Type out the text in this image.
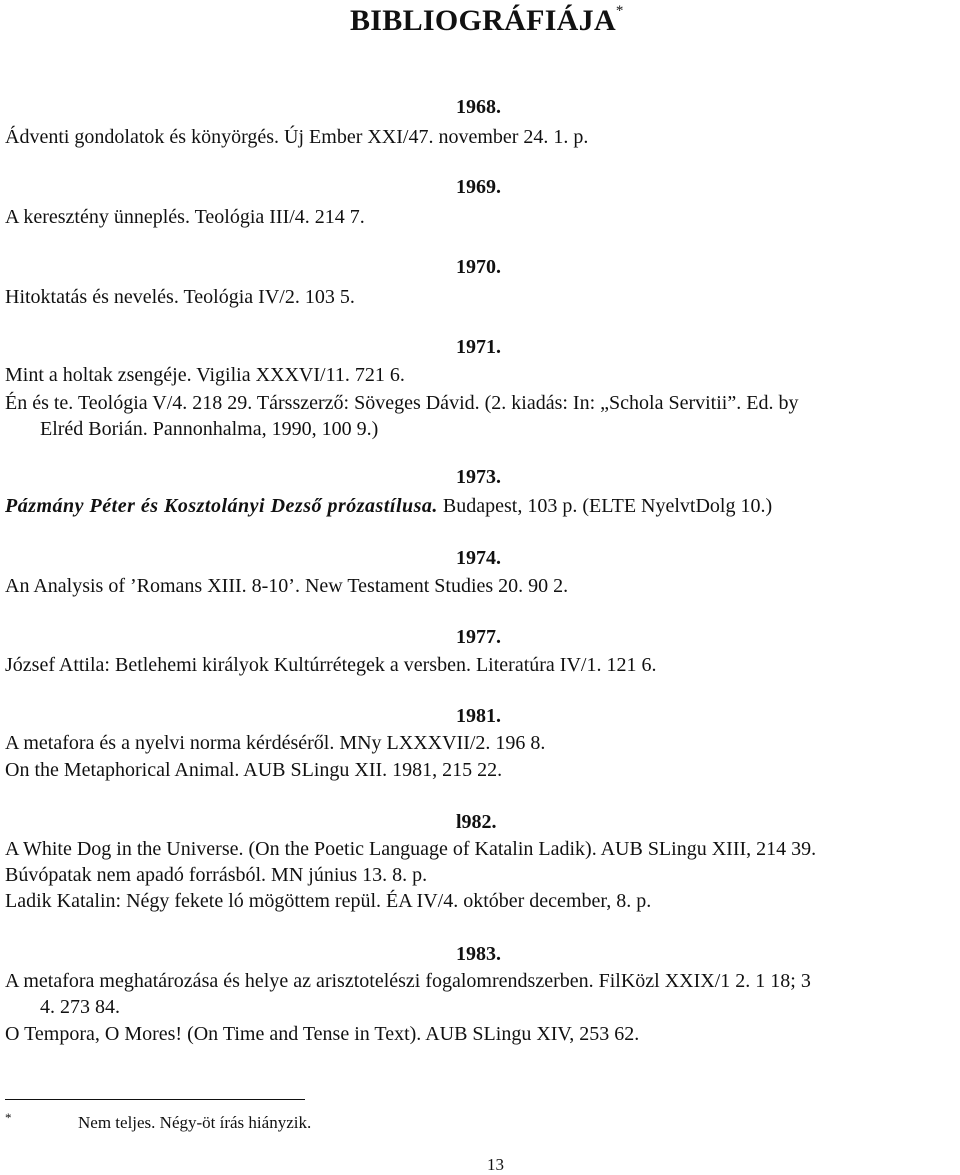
BIBLIOGRÁFIÁJA*
1968.
Ádventi gondolatok és könyörgés. Új Ember XXI/47. november 24. 1. p.
1969.
A keresztény ünneplés. Teológia III/4. 214 7.
1970.
Hitoktatás és nevelés. Teológia IV/2. 103 5.
1971.
Mint a holtak zsengéje. Vigilia XXXVI/11. 721 6.
Én és te. Teológia V/4. 218 29. Társszerző: Söveges Dávid. (2. kiadás: In: „Schola Servitii”. Ed. by
Elréd Borián. Pannonhalma, 1990, 100 9.)
1973.
Pázmány Péter és Kosztolányi Dezső prózastílusa. Budapest, 103 p. (ELTE NyelvtDolg 10.)
1974.
An Analysis of ’Romans XIII. 8-10’. New Testament Studies 20. 90 2.
1977.
József Attila: Betlehemi királyok Kultúrrétegek a versben. Literatúra IV/1. 121 6.
1981.
A metafora és a nyelvi norma kérdéséről. MNy LXXXVII/2. 196 8.
On the Metaphorical Animal. AUB SLingu XII. 1981, 215 22.
l982.
A White Dog in the Universe. (On the Poetic Language of Katalin Ladik). AUB SLingu XIII, 214 39.
Búvópatak nem apadó forrásból. MN június 13. 8. p.
Ladik Katalin: Négy fekete ló mögöttem repül. ÉA IV/4. október december, 8. p.
1983.
A metafora meghatározása és helye az arisztotelészi fogalomrendszerben. FilKözl XXIX/1 2. 1 18; 3
4. 273 84.
O Tempora, O Mores! (On Time and Tense in Text). AUB SLingu XIV, 253 62.
*	Nem teljes. Négy-öt írás hiányzik.
13
